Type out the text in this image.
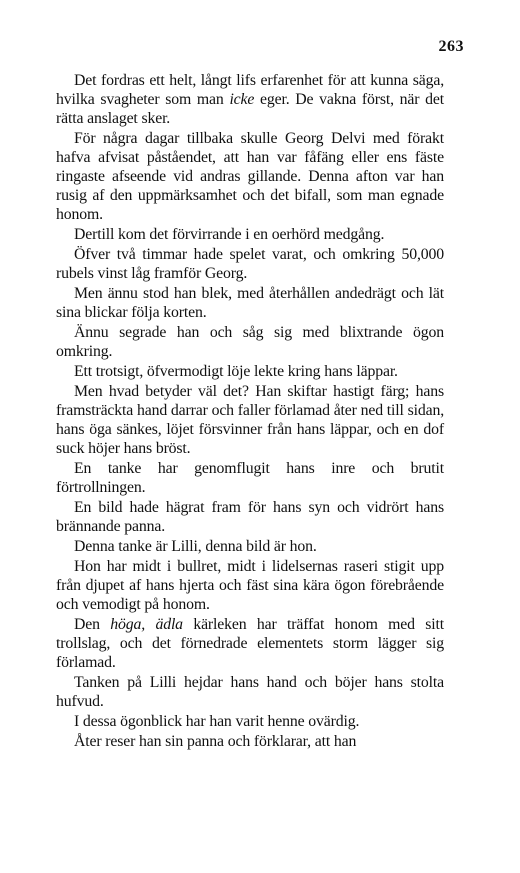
263

Det fordras ett helt, långt lifs erfarenhet för att kunna säga, hvilka svagheter som man icke eger. De vakna först, när det rätta anslaget sker.

För några dagar tillbaka skulle Georg Delvi med förakt hafva afvisat påståendet, att han var fåfäng eller ens fäste ringaste afseende vid andras gillande. Denna afton var han rusig af den uppmärksamhet och det bifall, som man egnade honom.

Dertill kom det förvirrande i en oerhörd medgång.

Öfver två timmar hade spelet varat, och omkring 50,000 rubels vinst låg framför Georg.

Men ännu stod han blek, med återhållen andedrägt och lät sina blickar följa korten.

Ännu segrade han och såg sig med blixtrande ögon omkring.

Ett trotsigt, öfvermodigt löje lekte kring hans läppar.

Men hvad betyder väl det? Han skiftar hastigt färg; hans framsträckta hand darrar och faller förlamad åter ned till sidan, hans öga sänkes, löjet försvinner från hans läppar, och en dof suck höjer hans bröst.

En tanke har genomflugit hans inre och brutit förtrollningen.

En bild hade hägrat fram för hans syn och vidrört hans brännande panna.

Denna tanke är Lilli, denna bild är hon.

Hon har midt i bullret, midt i lidelsernas raseri stigit upp från djupet af hans hjerta och fäst sina kära ögon förebrående och vemodigt på honom.

Den höga, ädla kärleken har träffat honom med sitt trollslag, och det förnedrade elementets storm lägger sig förlamad.

Tanken på Lilli hejdar hans hand och böjer hans stolta hufvud.

I dessa ögonblick har han varit henne ovärdig.

Åter reser han sin panna och förklarar, att han
